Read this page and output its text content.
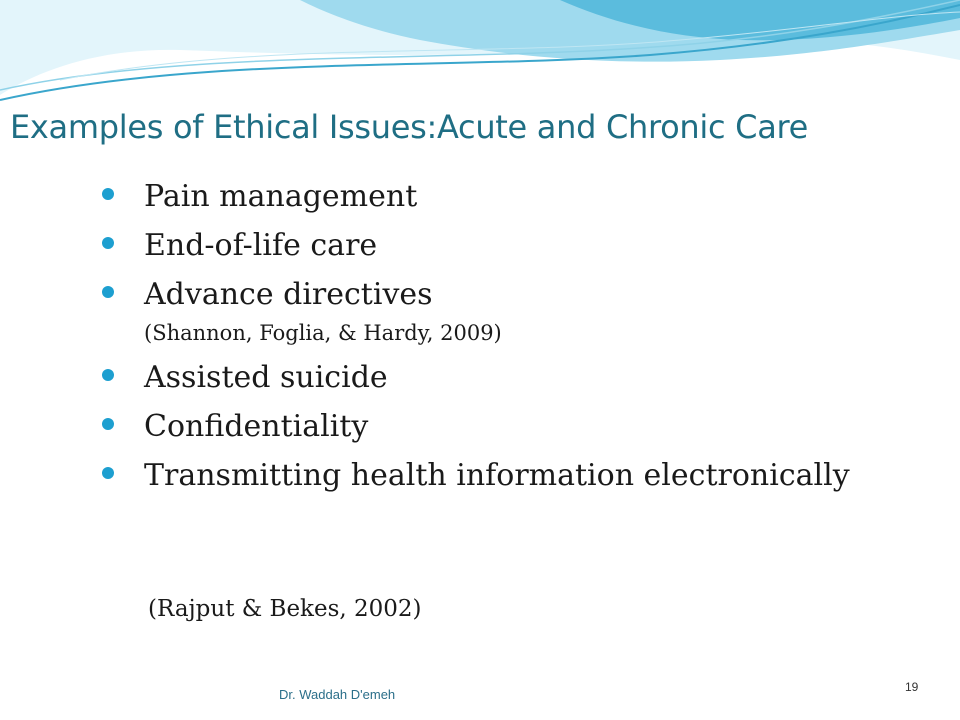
Examples of Ethical Issues:Acute and Chronic Care
Pain management
End-of-life care
Advance directives
(Shannon, Foglia, & Hardy, 2009)
Assisted suicide
Confidentiality
Transmitting health information electronically
(Rajput & Bekes, 2002)
Dr. Waddah D'emeh	19
